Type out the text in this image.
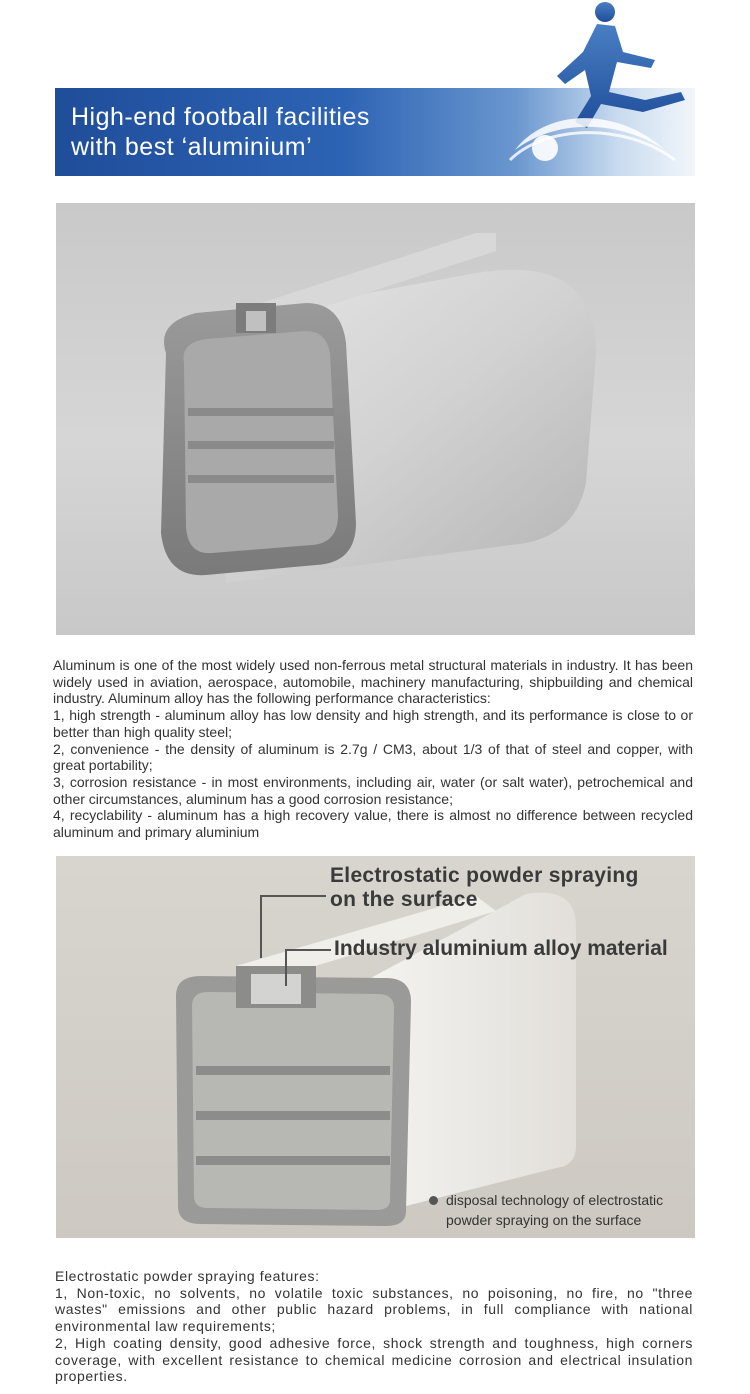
High-end football facilities
with best ‘aluminium’
Aluminum is one of the most widely used non-ferrous metal structural materials in industry. It has been widely used in aviation, aerospace, automobile, machinery manufacturing, shipbuilding and chemical industry. Aluminum alloy has the following performance characteristics:
1, high strength - aluminum alloy has low density and high strength, and its performance is close to or better than high quality steel;
2, convenience - the density of aluminum is 2.7g / CM3, about 1/3 of that of steel and copper, with great portability;
3, corrosion resistance - in most environments, including air, water (or salt water), petrochemical and other circumstances, aluminum has a good corrosion resistance;
4, recyclability - aluminum has a high recovery value, there is almost no difference between recycled aluminum and primary aluminium
Electrostatic powder spraying
on the surface
Industry aluminium alloy material
disposal technology of electrostatic
powder spraying on the surface
Electrostatic powder spraying features:
1, Non-toxic, no solvents, no volatile toxic substances, no poisoning, no fire, no "three wastes" emissions and other public hazard problems, in full compliance with national environmental law requirements;
2, High coating density, good adhesive force, shock strength and toughness, high corners coverage, with excellent resistance to chemical medicine corrosion and electrical insulation properties.
